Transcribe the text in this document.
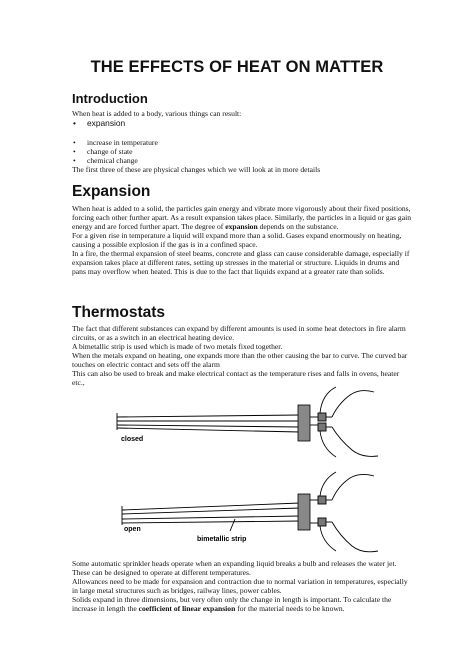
THE EFFECTS OF HEAT ON MATTER
Introduction

When heat is added to a body, various things can result:

• expansion
• increase in temperature
• change of state
• chemical change

The first three of these are physical changes which we will look at in more details

Expansion

When heat is added to a solid, the particles gain energy and vibrate more vigorously about their fixed positions, forcing each other further apart. As a result expansion takes place. Similarly, the particles in a liquid or gas gain energy and are forced further apart. The degree of expansion depends on the substance.

For a given rise in temperature a liquid will expand more than a solid. Gases expand enormously on heating, causing a possible explosion if the gas is in a confined space.

In a fire, the thermal expansion of steel beams, concrete and glass can cause considerable damage, especially if expansion takes place at different rates, setting up stresses in the material or structure. Liquids in drums and pans may overflow when heated. This is due to the fact that liquids expand at a greater rate than solids.

Thermostats

The fact that different substances can expand by different amounts is used in some heat detectors in fire alarm circuits, or as a switch in an electrical heating device.

A bimetallic strip is used which is made of two metals fixed together.

When the metals expand on heating, one expands more than the other causing the bar to curve. The curved bar touches on electric contact and sets off the alarm

This can also be used to break and make electrical contact as the temperature rises and falls in ovens, heater etc.,

closed
open
bimetallic strip

Some automatic sprinkler heads operate when an expanding liquid breaks a bulb and releases the water jet. These can be designed to operate at different temperatures.

Allowances need to be made for expansion and contraction due to normal variation in temperatures, especially in large metal structures such as bridges, railway lines, power cables.

Solids expand in three dimensions, but very often only the change in length is important. To calculate the increase in length the coefficient of linear expansion for the material needs to be known.
